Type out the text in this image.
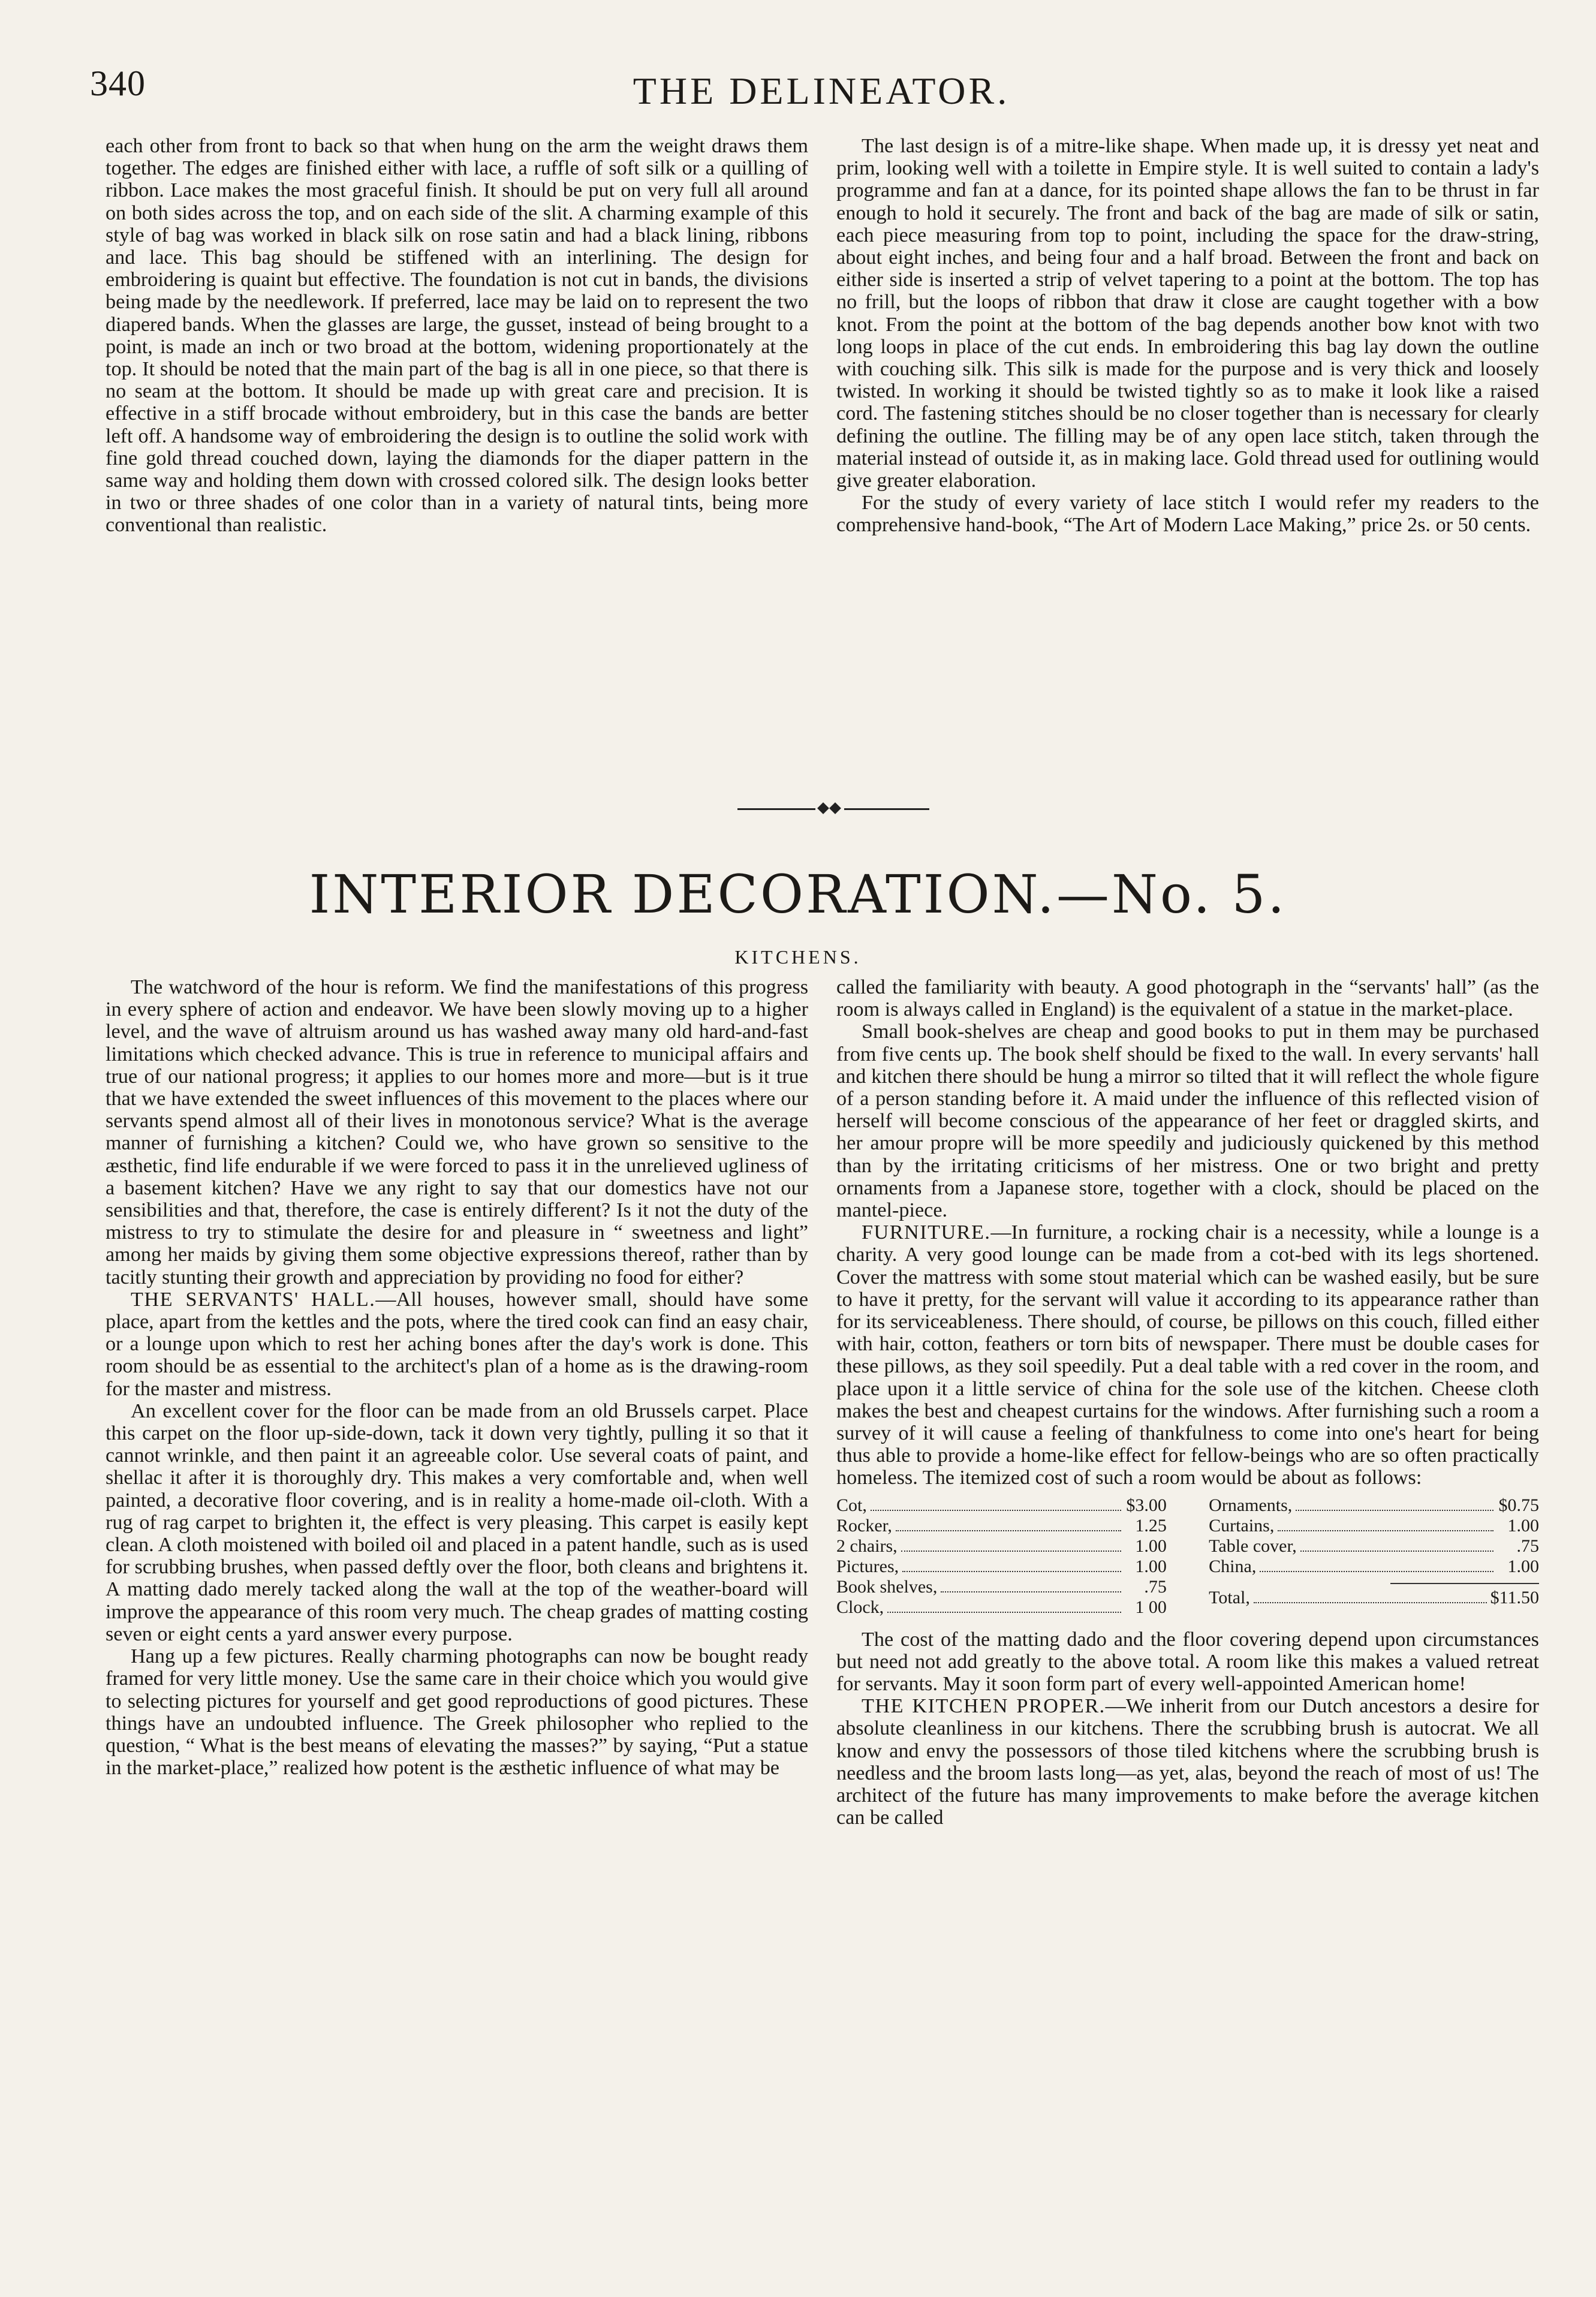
340	THE DELINEATOR.

each other from front to back so that when hung on the arm the weight draws them together. The edges are finished either with lace, a ruffle of soft silk or a quilling of ribbon. Lace makes the most graceful finish. It should be put on very full all around on both sides across the top, and on each side of the slit. A charming example of this style of bag was worked in black silk on rose satin and had a black lining, ribbons and lace. This bag should be stiffened with an interlining. The design for embroidering is quaint but effective. The foundation is not cut in bands, the divisions being made by the needlework. If preferred, lace may be laid on to represent the two diapered bands. When the glasses are large, the gusset, instead of being brought to a point, is made an inch or two broad at the bottom, widening proportionately at the top. It should be noted that the main part of the bag is all in one piece, so that there is no seam at the bottom. It should be made up with great care and precision. It is effective in a stiff brocade without embroidery, but in this case the bands are better left off. A handsome way of embroidering the design is to outline the solid work with fine gold thread couched down, laying the diamonds for the diaper pattern in the same way and holding them down with crossed colored silk. The design looks better in two or three shades of one color than in a variety of natural tints, being more conventional than realistic.

The last design is of a mitre-like shape. When made up, it is dressy yet neat and prim, looking well with a toilette in Empire style. It is well suited to contain a lady's programme and fan at a dance, for its pointed shape allows the fan to be thrust in far enough to hold it securely. The front and back of the bag are made of silk or satin, each piece measuring from top to point, including the space for the draw-string, about eight inches, and being four and a half broad. Between the front and back on either side is inserted a strip of velvet tapering to a point at the bottom. The top has no frill, but the loops of ribbon that draw it close are caught together with a bow knot. From the point at the bottom of the bag depends another bow knot with two long loops in place of the cut ends. In embroidering this bag lay down the outline with couching silk. This silk is made for the purpose and is very thick and loosely twisted. In working it should be twisted tightly so as to make it look like a raised cord. The fastening stitches should be no closer together than is necessary for clearly defining the outline. The filling may be of any open lace stitch, taken through the material instead of outside it, as in making lace. Gold thread used for outlining would give greater elaboration.

For the study of every variety of lace stitch I would refer my readers to the comprehensive hand-book, “The Art of Modern Lace Making,” price 2s. or 50 cents.

INTERIOR DECORATION.—No. 5.
KITCHENS.

The watchword of the hour is reform. We find the manifestations of this progress in every sphere of action and endeavor. We have been slowly moving up to a higher level, and the wave of altruism around us has washed away many old hard-and-fast limitations which checked advance. This is true in reference to municipal affairs and true of our national progress; it applies to our homes more and more—but is it true that we have extended the sweet influences of this movement to the places where our servants spend almost all of their lives in monotonous service? What is the average manner of furnishing a kitchen? Could we, who have grown so sensitive to the æsthetic, find life endurable if we were forced to pass it in the unrelieved ugliness of a basement kitchen? Have we any right to say that our domestics have not our sensibilities and that, therefore, the case is entirely different? Is it not the duty of the mistress to try to stimulate the desire for and pleasure in “ sweetness and light” among her maids by giving them some objective expressions thereof, rather than by tacitly stunting their growth and appreciation by providing no food for either?

THE SERVANTS' HALL.—All houses, however small, should have some place, apart from the kettles and the pots, where the tired cook can find an easy chair, or a lounge upon which to rest her aching bones after the day's work is done. This room should be as essential to the architect's plan of a home as is the drawing-room for the master and mistress.

An excellent cover for the floor can be made from an old Brussels carpet. Place this carpet on the floor up-side-down, tack it down very tightly, pulling it so that it cannot wrinkle, and then paint it an agreeable color. Use several coats of paint, and shellac it after it is thoroughly dry. This makes a very comfortable and, when well painted, a decorative floor covering, and is in reality a home-made oil-cloth. With a rug of rag carpet to brighten it, the effect is very pleasing. This carpet is easily kept clean. A cloth moistened with boiled oil and placed in a patent handle, such as is used for scrubbing brushes, when passed deftly over the floor, both cleans and brightens it. A matting dado merely tacked along the wall at the top of the weather-board will improve the appearance of this room very much. The cheap grades of matting costing seven or eight cents a yard answer every purpose.

Hang up a few pictures. Really charming photographs can now be bought ready framed for very little money. Use the same care in their choice which you would give to selecting pictures for yourself and get good reproductions of good pictures. These things have an undoubted influence. The Greek philosopher who replied to the question, “ What is the best means of elevating the masses?” by saying, “Put a statue in the market-place,” realized how potent is the æsthetic influence of what may be

called the familiarity with beauty. A good photograph in the “servants' hall” (as the room is always called in England) is the equivalent of a statue in the market-place.

Small book-shelves are cheap and good books to put in them may be purchased from five cents up. The book shelf should be fixed to the wall. In every servants' hall and kitchen there should be hung a mirror so tilted that it will reflect the whole figure of a person standing before it. A maid under the influence of this reflected vision of herself will become conscious of the appearance of her feet or draggled skirts, and her amour propre will be more speedily and judiciously quickened by this method than by the irritating criticisms of her mistress. One or two bright and pretty ornaments from a Japanese store, together with a clock, should be placed on the mantel-piece.

FURNITURE.—In furniture, a rocking chair is a necessity, while a lounge is a charity. A very good lounge can be made from a cot-bed with its legs shortened. Cover the mattress with some stout material which can be washed easily, but be sure to have it pretty, for the servant will value it according to its appearance rather than for its serviceableness. There should, of course, be pillows on this couch, filled either with hair, cotton, feathers or torn bits of newspaper. There must be double cases for these pillows, as they soil speedily. Put a deal table with a red cover in the room, and place upon it a little service of china for the sole use of the kitchen. Cheese cloth makes the best and cheapest curtains for the windows. After furnishing such a room a survey of it will cause a feeling of thankfulness to come into one's heart for being thus able to provide a home-like effect for fellow-beings who are so often practically homeless. The itemized cost of such a room would be about as follows:

Cot,	$3.00
Rocker,	1.25
2 chairs,	1.00
Pictures,	1.00
Book shelves,	.75
Clock,	1 00
Ornaments,	$0.75
Curtains,	1.00
Table cover,	.75
China,	1.00
Total,	$11.50

The cost of the matting dado and the floor covering depend upon circumstances but need not add greatly to the above total. A room like this makes a valued retreat for servants. May it soon form part of every well-appointed American home!

THE KITCHEN PROPER.—We inherit from our Dutch ancestors a desire for absolute cleanliness in our kitchens. There the scrubbing brush is autocrat. We all know and envy the possessors of those tiled kitchens where the scrubbing brush is needless and the broom lasts long—as yet, alas, beyond the reach of most of us! The architect of the future has many improvements to make before the average kitchen can be called
